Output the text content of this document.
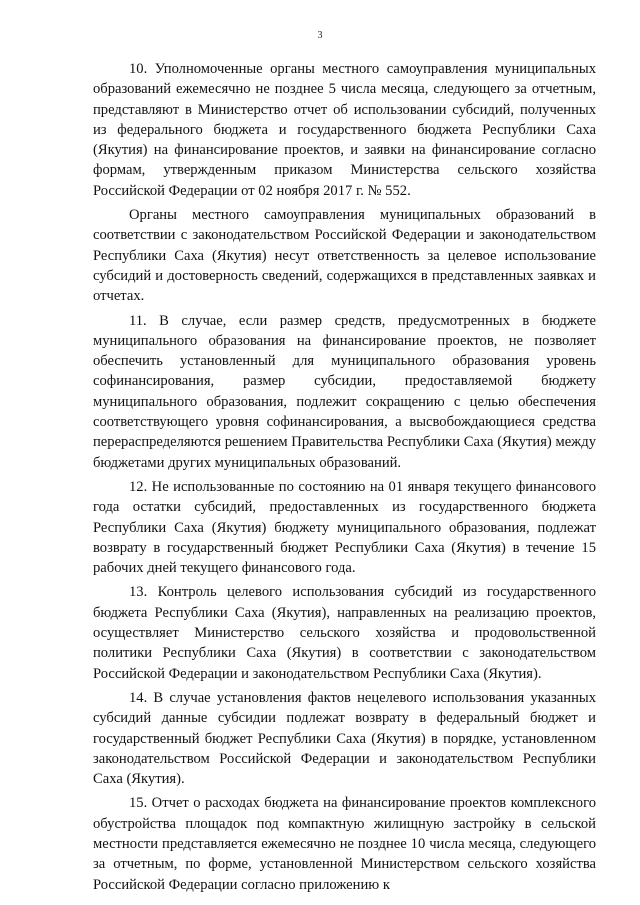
3

10. Уполномоченные органы местного самоуправления муниципальных образований ежемесячно не позднее 5 числа месяца, следующего за отчетным, представляют в Министерство отчет об использовании субсидий, полученных из федерального бюджета и государственного бюджета Республики Саха (Якутия) на финансирование проектов, и заявки на финансирование согласно формам, утвержденным приказом Министерства сельского хозяйства Российской Федерации от 02 ноября 2017 г. № 552.

Органы местного самоуправления муниципальных образований в соответствии с законодательством Российской Федерации и законодательством Республики Саха (Якутия) несут ответственность за целевое использование субсидий и достоверность сведений, содержащихся в представленных заявках и отчетах.

11. В случае, если размер средств, предусмотренных в бюджете муниципального образования на финансирование проектов, не позволяет обеспечить установленный для муниципального образования уровень софинансирования, размер субсидии, предоставляемой бюджету муниципального образования, подлежит сокращению с целью обеспечения соответствующего уровня софинансирования, а высвобождающиеся средства перераспределяются решением Правительства Республики Саха (Якутия) между бюджетами других муниципальных образований.

12. Не использованные по состоянию на 01 января текущего финансового года остатки субсидий, предоставленных из государственного бюджета Республики Саха (Якутия) бюджету муниципального образования, подлежат возврату в государственный бюджет Республики Саха (Якутия) в течение 15 рабочих дней текущего финансового года.

13. Контроль целевого использования субсидий из государственного бюджета Республики Саха (Якутия), направленных на реализацию проектов, осуществляет Министерство сельского хозяйства и продовольственной политики Республики Саха (Якутия) в соответствии с законодательством Российской Федерации и законодательством Республики Саха (Якутия).

14. В случае установления фактов нецелевого использования указанных субсидий данные субсидии подлежат возврату в федеральный бюджет и государственный бюджет Республики Саха (Якутия) в порядке, установленном законодательством Российской Федерации и законодательством Республики Саха (Якутия).

15. Отчет о расходах бюджета на финансирование проектов комплексного обустройства площадок под компактную жилищную застройку в сельской местности представляется ежемесячно не позднее 10 числа месяца, следующего за отчетным, по форме, установленной Министерством сельского хозяйства Российской Федерации согласно приложению к
